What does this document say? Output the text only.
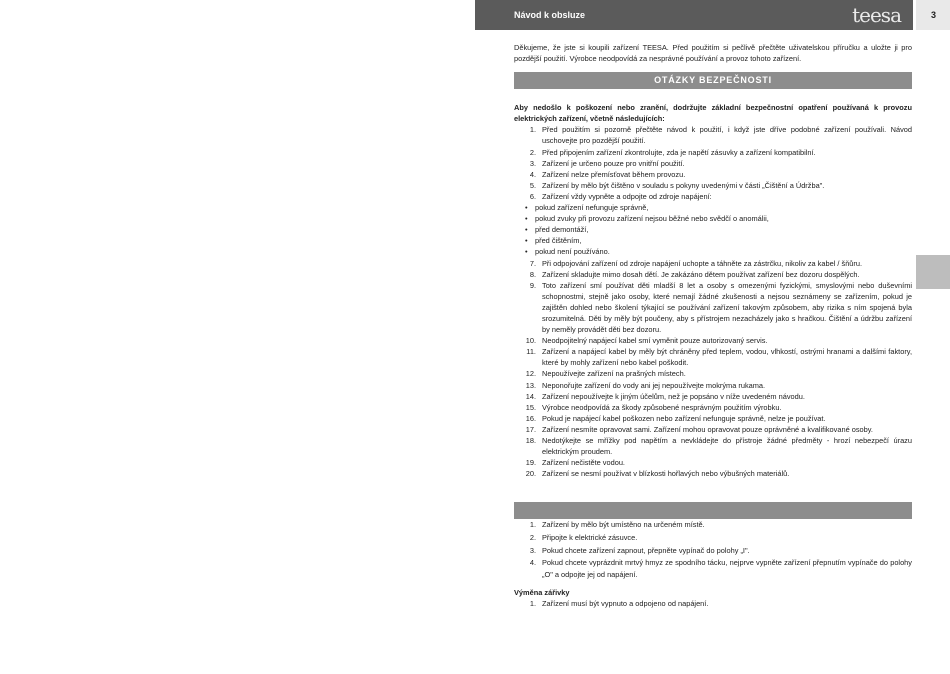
Návod k obsluze	teesa	3

Děkujeme, že jste si koupili zařízení TEESA. Před použitím si pečlivě přečtěte uživatelskou příručku a uložte ji pro pozdější použití. Výrobce neodpovídá za nesprávné používání a provoz tohoto zařízení.

OTÁZKY BEZPEČNOSTI

Aby nedošlo k poškození nebo zranění, dodržujte základní bezpečnostní opatření používaná k provozu elektrických zařízení, včetně následujících:

1. Před použitím si pozorně přečtěte návod k použití, i když jste dříve podobné zařízení používali. Návod uschovejte pro pozdější použití.
2. Před připojením zařízení zkontrolujte, zda je napětí zásuvky a zařízení kompatibilní.
3. Zařízení je určeno pouze pro vnitřní použití.
4. Zařízení nelze přemísťovat během provozu.
5. Zařízení by mělo být čištěno v souladu s pokyny uvedenými v části „Čištění a Údržba".
6. Zařízení vždy vypněte a odpojte od zdroje napájení:
• pokud zařízení nefunguje správně,
• pokud zvuky při provozu zařízení nejsou běžné nebo svědčí o anomálii,
• před demontáží,
• před čištěním,
• pokud není používáno.
7. Při odpojování zařízení od zdroje napájení uchopte a táhněte za zástrčku, nikoliv za kabel / šňůru.
8. Zařízení skladujte mimo dosah dětí. Je zakázáno dětem používat zařízení bez dozoru dospělých.
9. Toto zařízení smí používat děti mladší 8 let a osoby s omezenými fyzickými, smyslovými nebo duševními schopnostmi, stejně jako osoby, které nemají žádné zkušenosti a nejsou seznámeny se zařízením, pokud je zajištěn dohled nebo školení týkající se používání zařízení takovým způsobem, aby rizika s ním spojená byla srozumitelná. Děti by měly být poučeny, aby s přístrojem nezacházely jako s hračkou. Čištění a údržbu zařízení by neměly provádět děti bez dozoru.
10. Neodpojitelný napájecí kabel smí vyměnit pouze autorizovaný servis.
11. Zařízení a napájecí kabel by měly být chráněny před teplem, vodou, vlhkostí, ostrými hranami a dalšími faktory, které by mohly zařízení nebo kabel poškodit.
12. Nepoužívejte zařízení na prašných místech.
13. Neponořujte zařízení do vody ani jej nepoužívejte mokrýma rukama.
14. Zařízení nepoužívejte k jiným účelům, než je popsáno v níže uvedeném návodu.
15. Výrobce neodpovídá za škody způsobené nesprávným použitím výrobku.
16. Pokud je napájecí kabel poškozen nebo zařízení nefunguje správně, nelze je používat.
17. Zařízení nesmíte opravovat sami. Zařízení mohou opravovat pouze oprávněné a kvalifikované osoby.
18. Nedotýkejte se mřížky pod napětím a nevkládejte do přístroje žádné předměty - hrozí nebezpečí úrazu elektrickým proudem.
19. Zařízení nečistěte vodou.
20. Zařízení se nesmí používat v blízkosti hořlavých nebo výbušných materiálů.
1. Zařízení by mělo být umístěno na určeném místě.
2. Připojte k elektrické zásuvce.
3. Pokud chcete zařízení zapnout, přepněte vypínač do polohy „I".
4. Pokud chcete vyprázdnit mrtvý hmyz ze spodního tácku, nejprve vypněte zařízení přepnutím vypínače do polohy „O" a odpojte jej od napájení.
Výměna zářivky
1. Zařízení musí být vypnuto a odpojeno od napájení.
